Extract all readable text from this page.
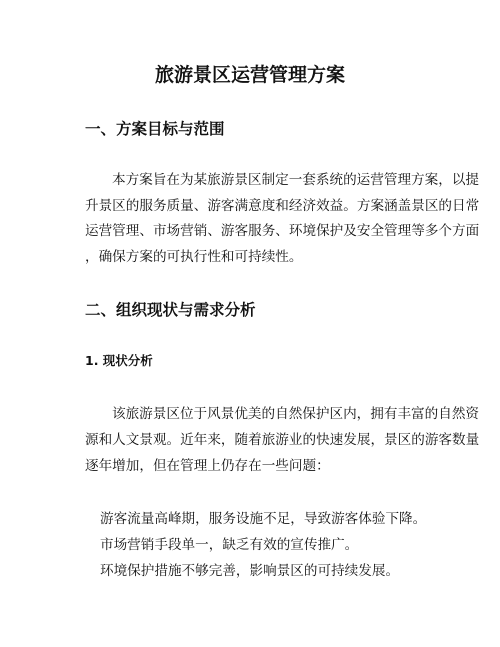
旅游景区运营管理方案
一、方案目标与范围

本方案旨在为某旅游景区制定一套系统的运营管理方案，以提

升景区的服务质量、游客满意度和经济效益。方案涵盖景区的日常

运营管理、市场营销、游客服务、环境保护及安全管理等多个方面

，确保方案的可执行性和可持续性。

二、组织现状与需求分析
1. 现状分析

该旅游景区位于风景优美的自然保护区内，拥有丰富的自然资

源和人文景观。近年来，随着旅游业的快速发展，景区的游客数量

逐年增加，但在管理上仍存在一些问题：

游客流量高峰期，服务设施不足，导致游客体验下降。

市场营销手段单一，缺乏有效的宣传推广。

环境保护措施不够完善，影响景区的可持续发展。
